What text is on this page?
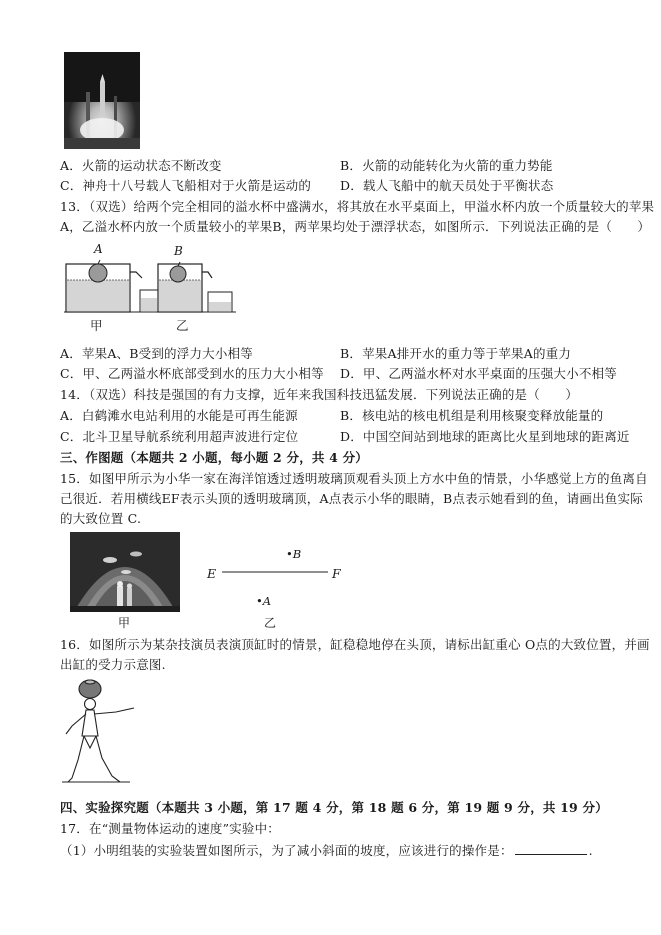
A．火箭的运动状态不断改变	B．火箭的动能转化为火箭的重力势能
C．神舟十八号载人飞船相对于火箭是运动的 D．载人飞船中的航天员处于平衡状态
13．（双选）给两个完全相同的溢水杯中盛满水，将其放在水平桌面上，甲溢水杯内放一个质量较大的苹果
A，乙溢水杯内放一个质量较小的苹果B，两苹果均处于漂浮状态，如图所示．下列说法正确的是（　　）
A	B
甲	乙
A．苹果A、B受到的浮力大小相等	B．苹果A排开水的重力等于苹果A的重力
C．甲、乙两溢水杯底部受到水的压力大小相等 D．甲、乙两溢水杯对水平桌面的压强大小不相等
14．（双选）科技是强国的有力支撑，近年来我国科技迅猛发展．下列说法正确的是（　　）
A．白鹤滩水电站利用的水能是可再生能源	B．核电站的核电机组是利用核聚变释放能量的
C．北斗卫星导航系统利用超声波进行定位	D．中国空间站到地球的距离比火星到地球的距离近
三、作图题（本题共 2 小题，每小题 2 分，共 4 分）
15．如图甲所示为小华一家在海洋馆透过透明玻璃顶观看头顶上方水中鱼的情景，小华感觉上方的鱼离自
己很近．若用横线EF表示头顶的透明玻璃顶，A点表示小华的眼睛，B点表示她看到的鱼，请画出鱼实际
的大致位置 C.
甲
E	F
•B
•A
乙
16．如图所示为某杂技演员表演顶缸时的情景，缸稳稳地停在头顶，请标出缸重心 O点的大致位置，并画
出缸的受力示意图.
四、实验探究题（本题共 3 小题，第 17 题 4 分，第 18 题 6 分，第 19 题 9 分，共 19 分）
17．在“测量物体运动的速度”实验中：
（1）小明组装的实验装置如图所示，为了减小斜面的坡度，应该进行的操作是：	.
